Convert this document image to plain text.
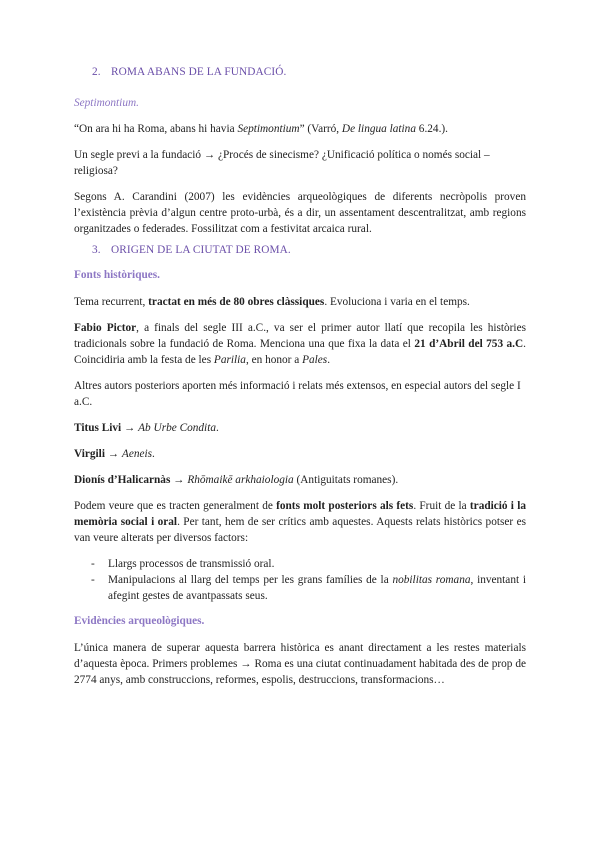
2. ROMA ABANS DE LA FUNDACIÓ.

Septimontium.

“On ara hi ha Roma, abans hi havia Septimontium” (Varró, De lingua latina 6.24.).

Un segle previ a la fundació → ¿Procés de sinecisme? ¿Unificació política o només social – religiosa?

Segons A. Carandini (2007) les evidències arqueològiques de diferents necròpolis proven l’existència prèvia d’algun centre proto-urbà, és a dir, un assentament descentralitzat, amb regions organitzades o federades. Fossilitzat com a festivitat arcaica rural.

3. ORIGEN DE LA CIUTAT DE ROMA.

Fonts històriques.

Tema recurrent, tractat en més de 80 obres clàssiques. Evoluciona i varia en el temps.

Fabio Pictor, a finals del segle III a.C., va ser el primer autor llatí que recopila les històries tradicionals sobre la fundació de Roma. Menciona una que fixa la data el 21 d’Abril del 753 a.C. Coincidiria amb la festa de les Parilia, en honor a Pales.

Altres autors posteriors aporten més informació i relats més extensos, en especial autors del segle I a.C.

Titus Livi → Ab Urbe Condita.

Virgili → Aeneis.

Dionís d’Halicarnàs → Rhōmaikē arkhaiologia (Antiguitats romanes).

Podem veure que es tracten generalment de fonts molt posteriors als fets. Fruit de la tradició i la memòria social i oral. Per tant, hem de ser crítics amb aquestes. Aquests relats històrics potser es van veure alterats per diversos factors:

- Llargs processos de transmissió oral.
- Manipulacions al llarg del temps per les grans famílies de la nobilitas romana, inventant i afegint gestes de avantpassats seus.

Evidències arqueològiques.

L’única manera de superar aquesta barrera històrica es anant directament a les restes materials d’aquesta època. Primers problemes → Roma es una ciutat continuadament habitada des de prop de 2774 anys, amb construccions, reformes, espolis, destruccions, transformacions…
